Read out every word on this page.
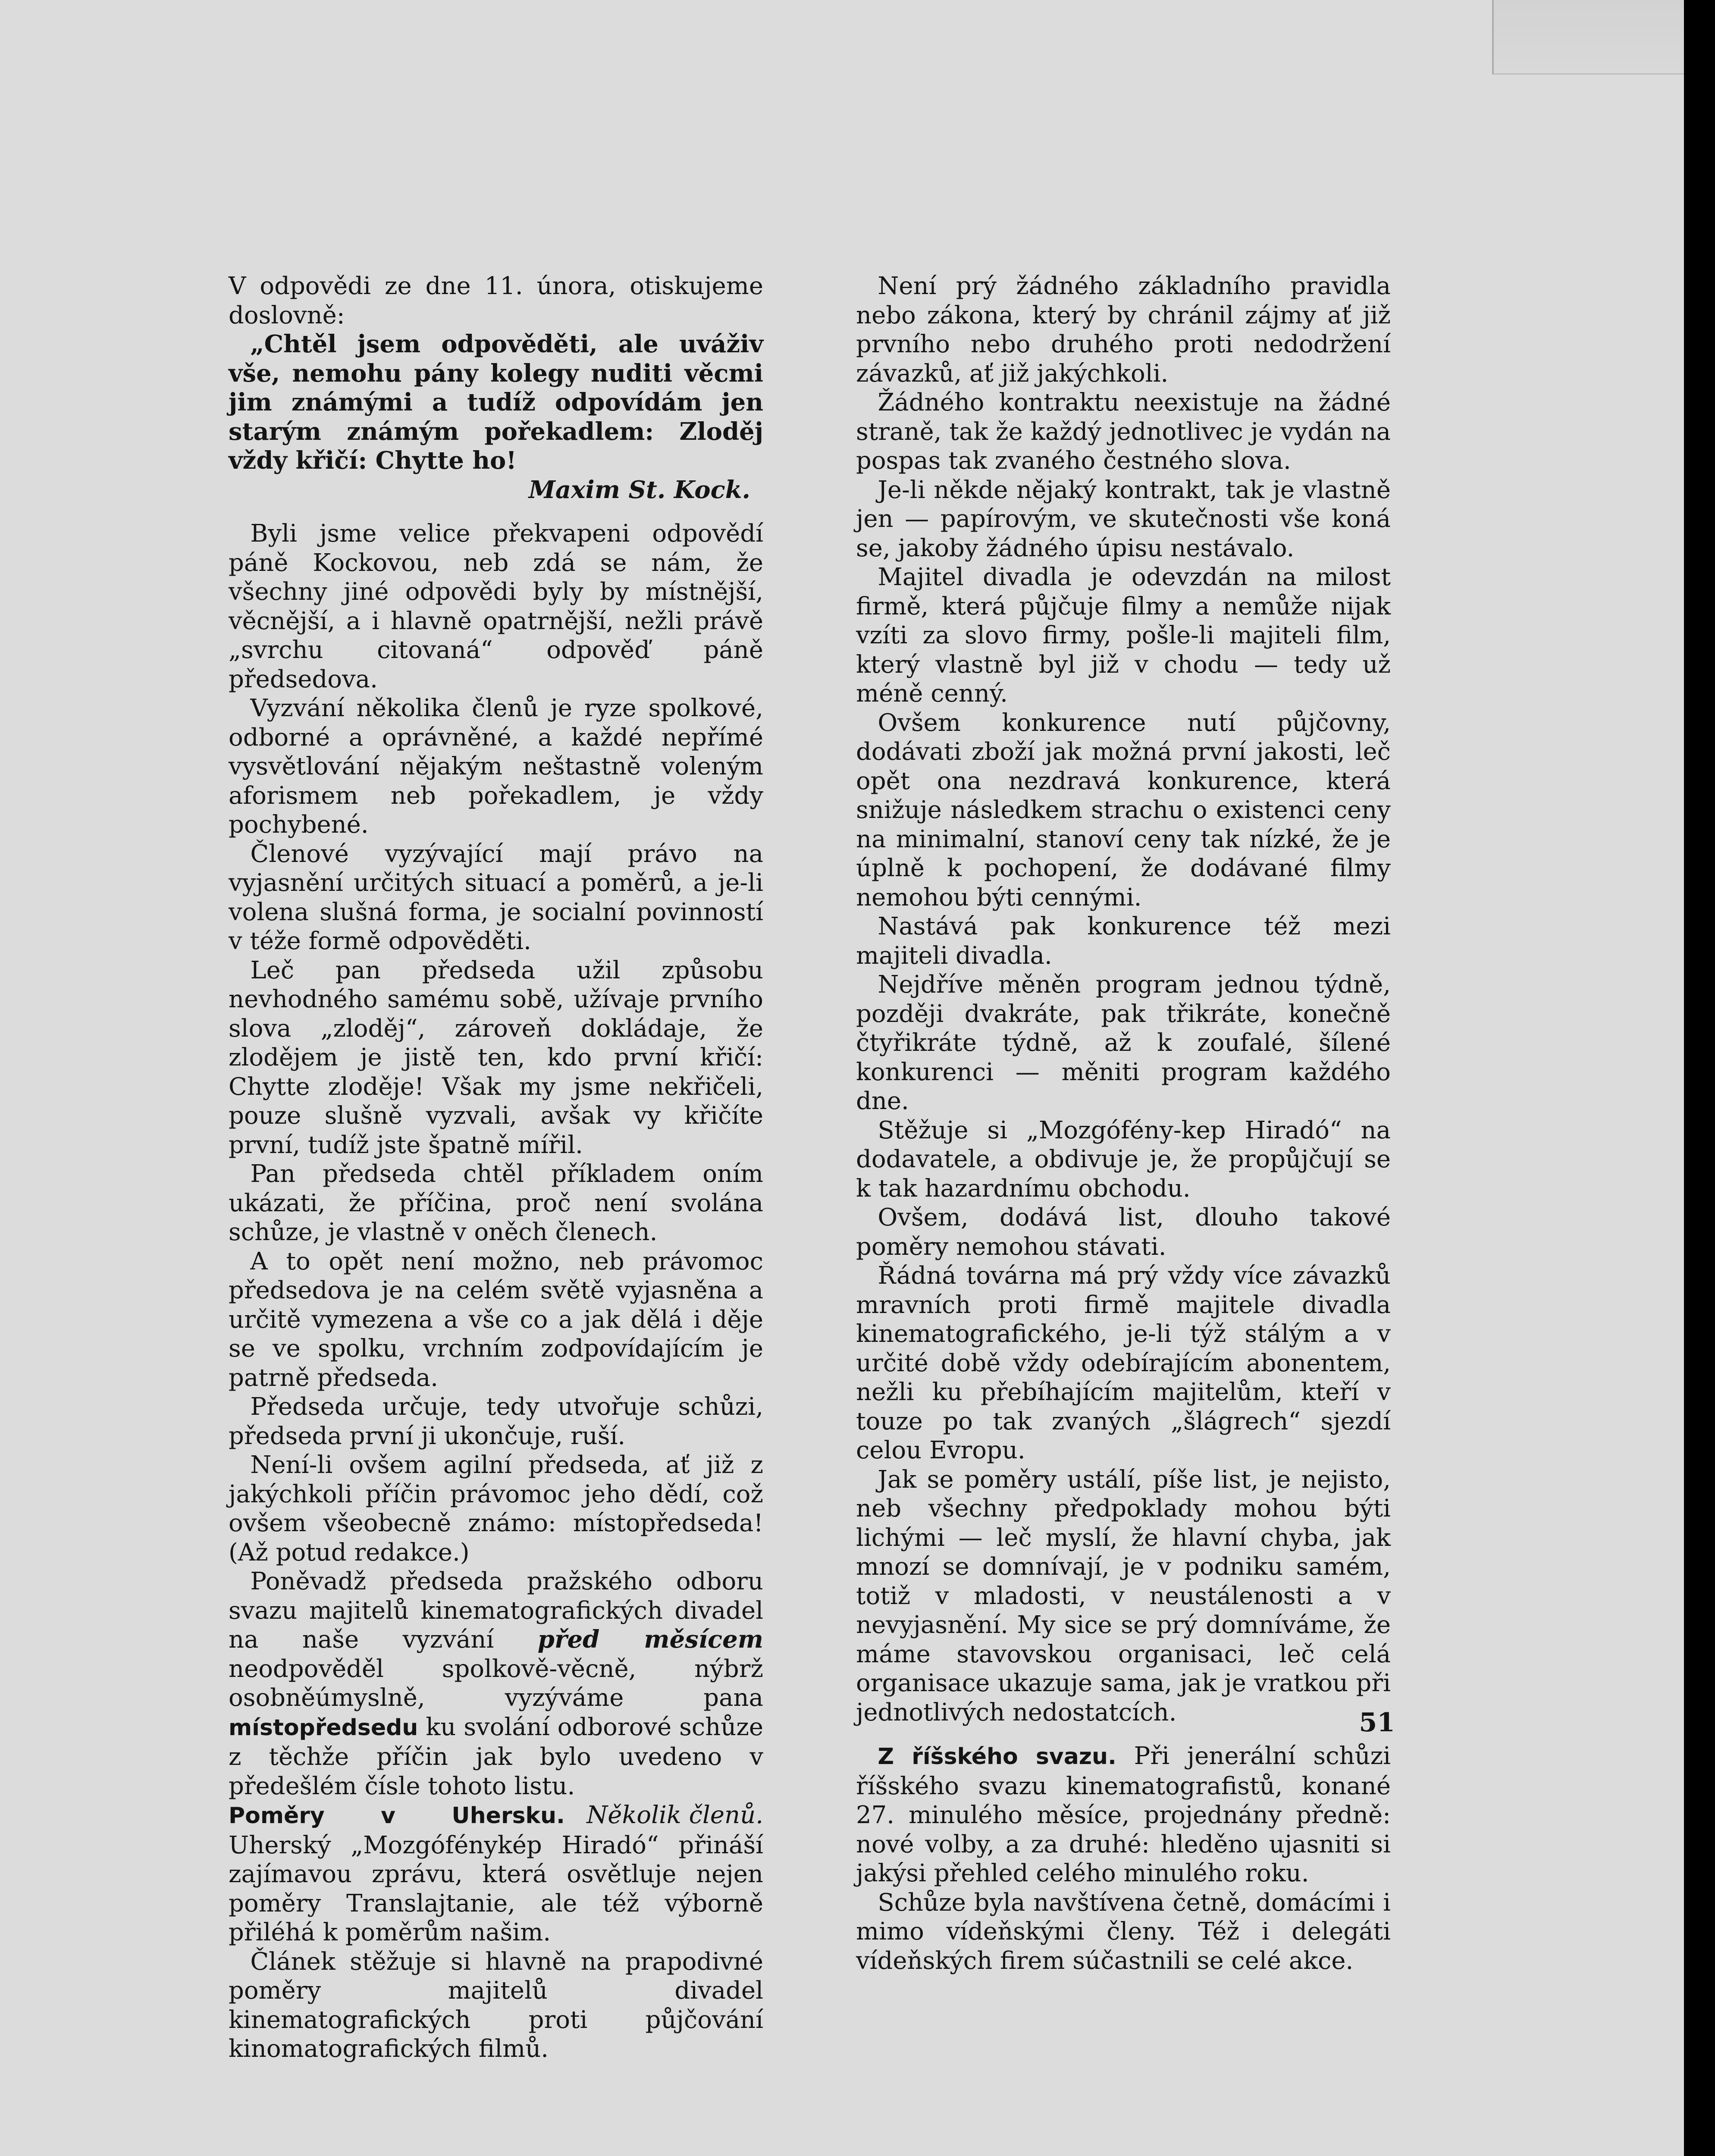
V odpovědi ze dne 11. února, otiskujeme doslovně:

„Chtěl jsem odpověděti, ale uváživ vše, nemohu pány kolegy nuditi věcmi jim známými a tudíž odpovídám jen starým známým pořekadlem: Zloděj vždy křičí: Chytte ho!

Maxim St. Kock.

Byli jsme velice překvapeni odpovědí páně Kockovou, neb zdá se nám, že všechny jiné odpovědi byly by místnější, věcnější, a i hlavně opatrnější, nežli právě „svrchu citovaná“ odpověď páně předsedova.

Vyzvání několika členů je ryze spolkové, odborné a oprávněné, a každé nepřímé vysvětlování nějakým neštastně voleným aforismem neb pořekadlem, je vždy pochybené.

Členové vyzývající mají právo na vyjasnění určitých situací a poměrů, a je-li volena slušná forma, je socialní povinností v téže formě odpověděti.

Leč pan předseda užil způsobu nevhodného samému sobě, užívaje prvního slova „zloděj“, zároveň dokládaje, že zlodějem je jistě ten, kdo první křičí: Chytte zloděje! Však my jsme nekřičeli, pouze slušně vyzvali, avšak vy křičíte první, tudíž jste špatně mířil.

Pan předseda chtěl příkladem oním ukázati, že příčina, proč není svolána schůze, je vlastně v oněch členech.

A to opět není možno, neb právomoc předsedova je na celém světě vyjasněna a určitě vymezena a vše co a jak dělá i děje se ve spolku, vrchním zodpovídajícím je patrně předseda.

Předseda určuje, tedy utvořuje schůzi, předseda první ji ukončuje, ruší.

Není-li ovšem agilní předseda, ať již z jakýchkoli příčin právomoc jeho dědí, což ovšem všeobecně známo: místopředseda! (Až potud redakce.)

Poněvadž předseda pražského odboru svazu majitelů kinematografických divadel na naše vyzvání před měsícem neodpověděl spolkově-věcně, nýbrž osobněúmyslně, vyzýváme pana místopředsedu ku svolání odborové schůze z těchže příčin jak bylo uvedeno v předešlém čísle tohoto listu.
Několik členů.

Poměry v Uhersku. Uherský „Mozgófénykép Hiradó“ přináší zajímavou zprávu, která osvětluje nejen poměry Translajtanie, ale též výborně přiléhá k poměrům našim.

Článek stěžuje si hlavně na prapodivné poměry majitelů divadel kinematografických proti půjčování kinomatografických filmů.

Není prý žádného základního pravidla nebo zákona, který by chránil zájmy ať již prvního nebo druhého proti nedodržení závazků, ať již jakýchkoli.

Žádného kontraktu neexistuje na žádné straně, tak že každý jednotlivec je vydán na pospas tak zvaného čestného slova.

Je-li někde nějaký kontrakt, tak je vlastně jen — papírovým, ve skutečnosti vše koná se, jakoby žádného úpisu nestávalo.

Majitel divadla je odevzdán na milost firmě, která půjčuje filmy a nemůže nijak vzíti za slovo firmy, pošle-li majiteli film, který vlastně byl již v chodu — tedy už méně cenný.

Ovšem konkurence nutí půjčovny, dodávati zboží jak možná první jakosti, leč opět ona nezdravá konkurence, která snižuje následkem strachu o existenci ceny na minimalní, stanoví ceny tak nízké, že je úplně k pochopení, že dodávané filmy nemohou býti cennými.

Nastává pak konkurence též mezi majiteli divadla.

Nejdříve měněn program jednou týdně, později dvakráte, pak třikráte, konečně čtyřikráte týdně, až k zoufalé, šílené konkurenci — měniti program každého dne.

Stěžuje si „Mozgófény-kep Hiradó“ na dodavatele, a obdivuje je, že propůjčují se k tak hazardnímu obchodu.

Ovšem, dodává list, dlouho takové poměry nemohou stávati.

Řádná továrna má prý vždy více závazků mravních proti firmě majitele divadla kinematografického, je-li týž stálým a v určité době vždy odebírajícím abonentem, nežli ku přebíhajícím majitelům, kteří v touze po tak zvaných „šlágrech“ sjezdí celou Evropu.

Jak se poměry ustálí, píše list, je nejisto, neb všechny předpoklady mohou býti lichými — leč myslí, že hlavní chyba, jak mnozí se domnívají, je v podniku samém, totiž v mladosti, v neustálenosti a v nevyjasnění. My sice se prý domníváme, že máme stavovskou organisaci, leč celá organisace ukazuje sama, jak je vratkou při jednotlivých nedostatcích.

Z říšského svazu. Při jenerální schůzi říšského svazu kinematografistů, konané 27. minulého měsíce, projednány předně: nové volby, a za druhé: hleděno ujasniti si jakýsi přehled celého minulého roku.

Schůze byla navštívena četně, domácími i mimo vídeňskými členy. Též i delegáti vídeňských firem súčastnili se celé akce.

51
